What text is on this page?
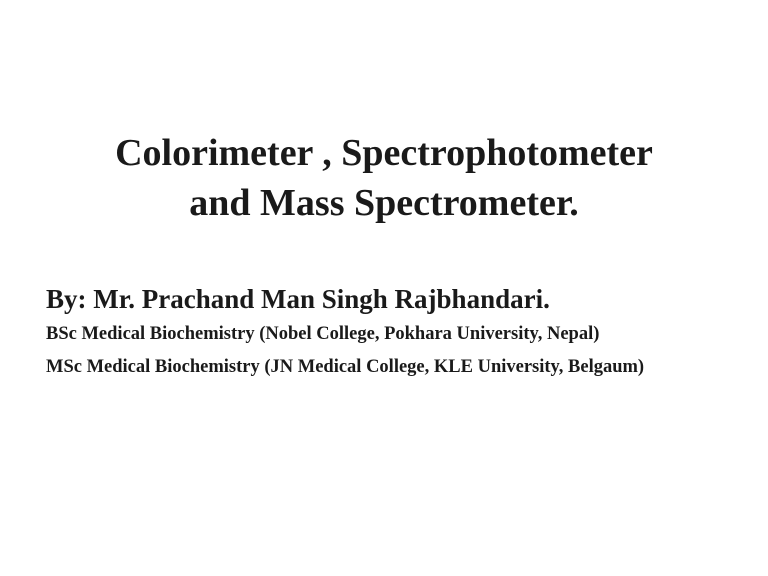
Colorimeter , Spectrophotometer
and Mass Spectrometer.
By: Mr. Prachand Man Singh Rajbhandari.
BSc Medical Biochemistry (Nobel College, Pokhara University, Nepal)
MSc Medical Biochemistry (JN Medical College, KLE University, Belgaum)
